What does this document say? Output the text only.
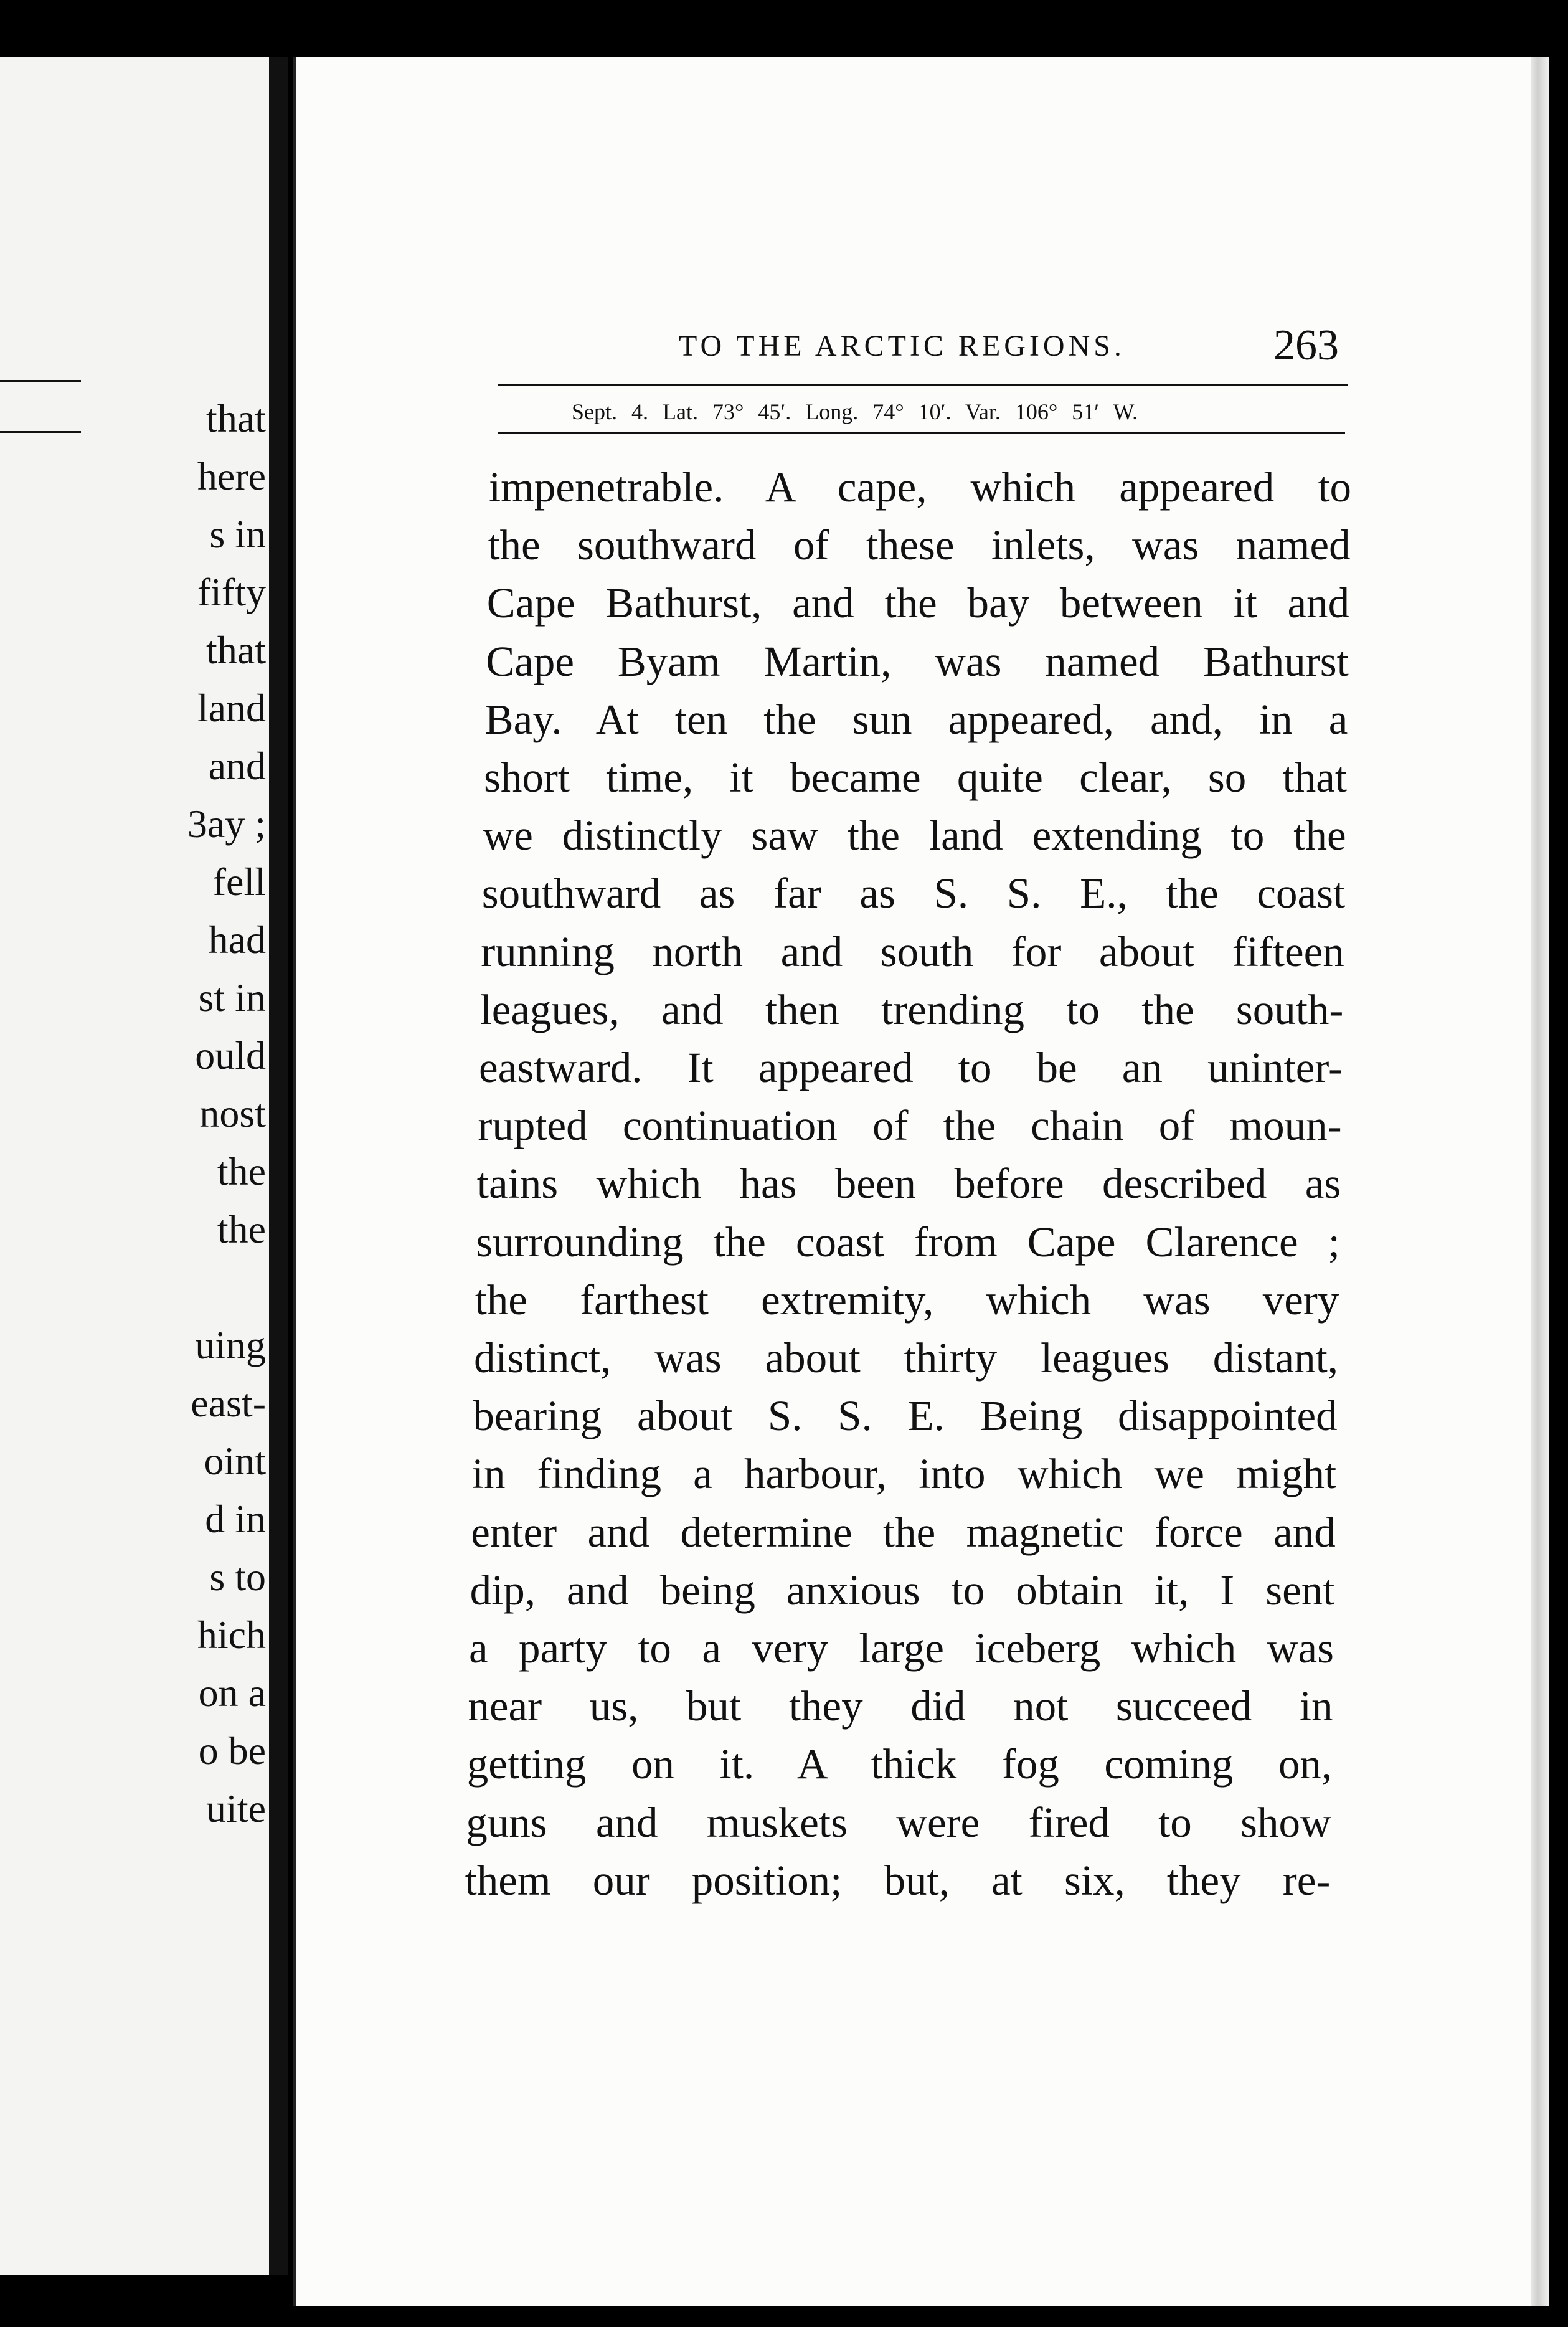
that
here
s in
fifty
that
land
and
3ay ;
fell
had
st in
ould
nost
the
the
uing
east-
oint
d in
s to
hich
on a
o be
uite
TO THE ARCTIC REGIONS.	263
Sept. 4. Lat. 73° 45′. Long. 74° 10′. Var. 106° 51′ W.
impenetrable. A cape, which appeared to
the southward of these inlets, was named
Cape Bathurst, and the bay between it and
Cape Byam Martin, was named Bathurst
Bay. At ten the sun appeared, and, in a
short time, it became quite clear, so that
we distinctly saw the land extending to the
southward as far as S. S. E., the coast
running north and south for about fifteen
leagues, and then trending to the south-
eastward. It appeared to be an uninter-
rupted continuation of the chain of moun-
tains which has been before described as
surrounding the coast from Cape Clarence ;
the farthest extremity, which was very
distinct, was about thirty leagues distant,
bearing about S. S. E. Being disappointed
in finding a harbour, into which we might
enter and determine the magnetic force and
dip, and being anxious to obtain it, I sent
a party to a very large iceberg which was
near us, but they did not succeed in
getting on it. A thick fog coming on,
guns and muskets were fired to show
them our position; but, at six, they re-
